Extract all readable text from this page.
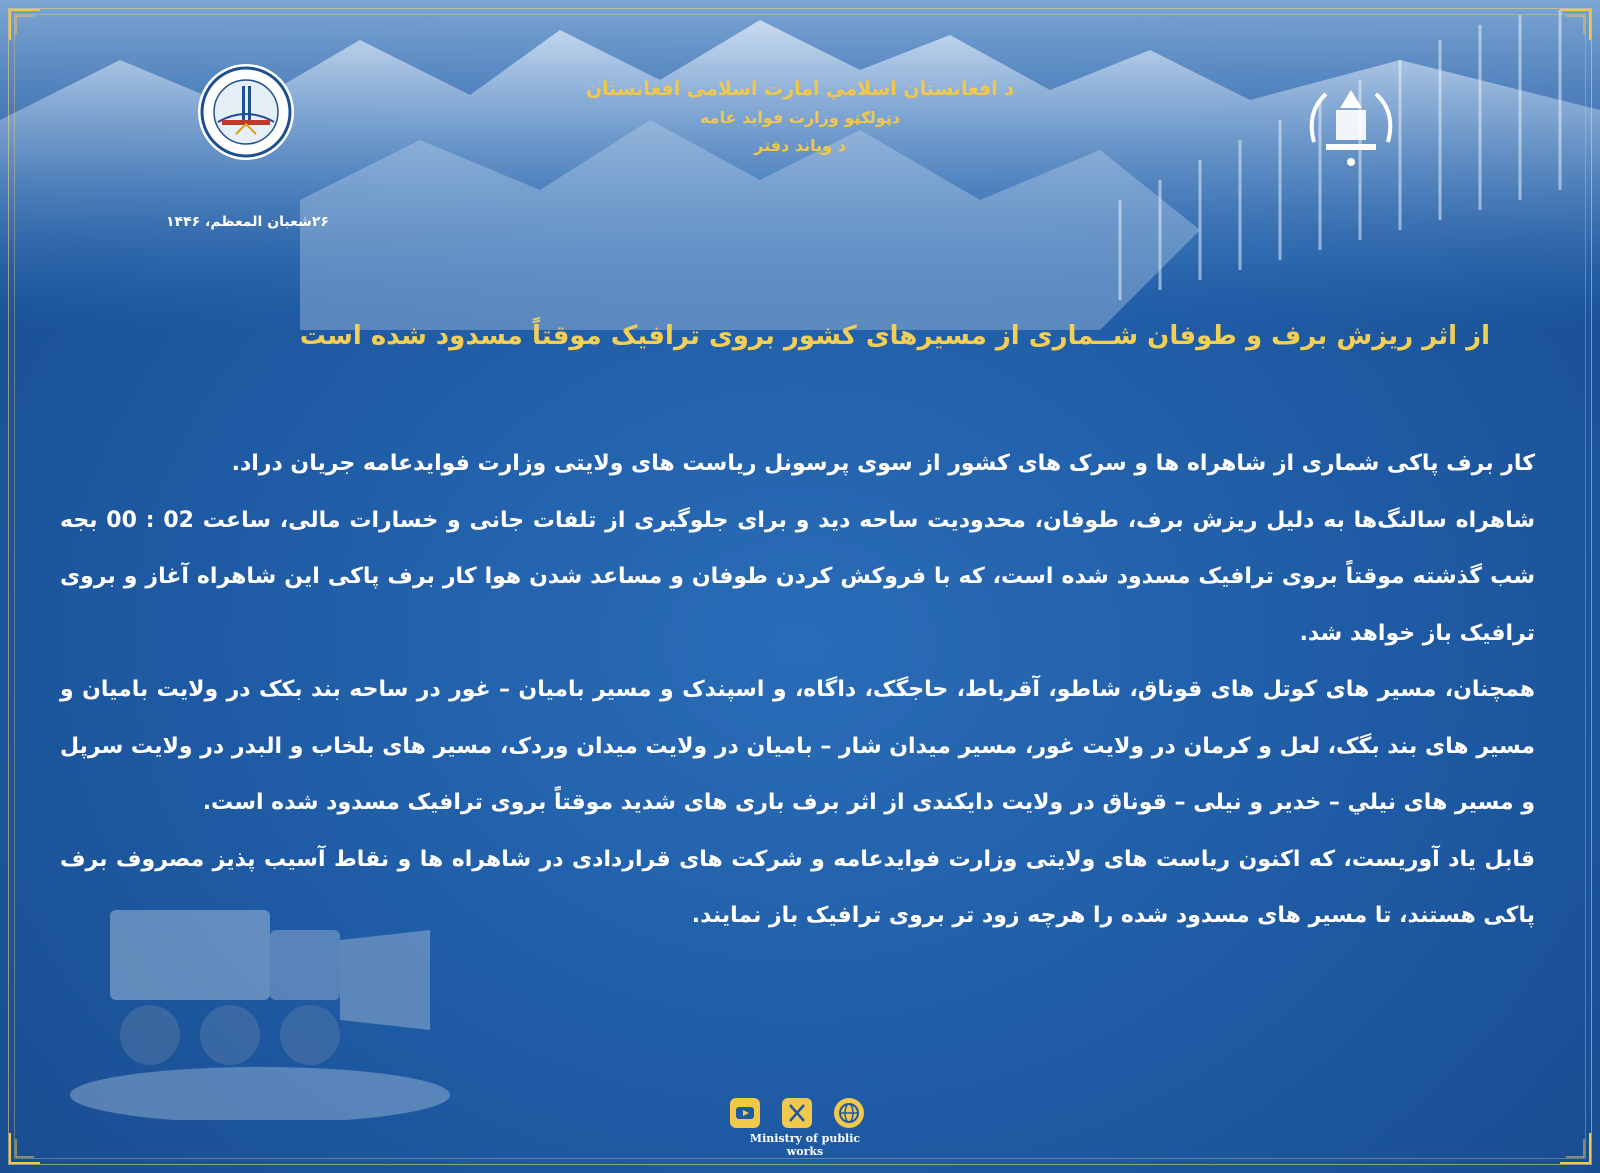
د افغانستان اسلامي امارت اسلامی افغانستان
دټولګټو وزارت فواید عامه
د ویاند دفتر
۲۶شعبان المعظم، ۱۴۴۶
از اثر ریزش برف و طوفان شــماری از مسیرهای کشور بروی ترافیک موقتاً مسدود شده است

کار برف پاکی شماری از شاهراه ها و سرک های کشور از سوی پرسونل ریاست های ولایتی وزارت فوایدعامه جریان دراد.

شاهراه سالنگ‌ها به دلیل ریزش برف، طوفان، محدودیت ساحه دید و برای جلوگیری از تلفات جانی و خسارات مالی، ساعت 02 : 00 بجه شب گذشته موقتاً بروی ترافیک مسدود شده است، که با فروکش کردن طوفان و مساعد شدن هوا کار برف پاکی این شاهراه آغاز و بروی ترافیک باز خواهد شد.

همچنان، مسیر های کوتل های قوناق، شاطو، آقرباط، حاجگک، داگاه، و اسپندک و مسیر بامیان – غور در ساحه بند بکک در ولایت بامیان و مسیر های بند بگک، لعل و کرمان در ولایت غور، مسیر میدان شار – بامیان در ولایت میدان وردک، مسیر های بلخاب و البدر در ولایت سرپل و مسیر های نیلي – خدیر و نیلی – قوناق در ولایت دایکندی از اثر برف باری های شدید موقتاً بروی ترافیک مسدود شده است.

قابل یاد آوریست، که اکنون ریاست های ولایتی وزارت فوایدعامه و شرکت های قراردادی در شاهراه ها و نقاط آسیب پذیز مصروف برف پاکی هستند، تا مسیر های مسدود شده را هرچه زود تر بروی ترافیک باز نمایند.

Ministry of public works
